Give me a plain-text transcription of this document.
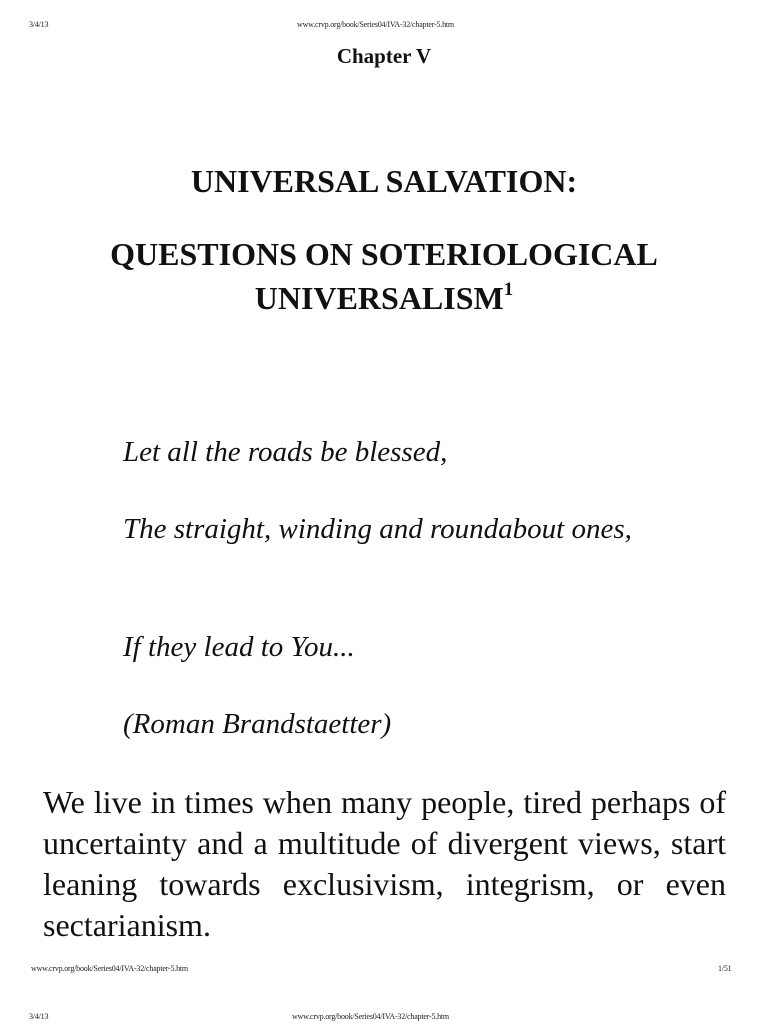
3/4/13	www.crvp.org/book/Series04/IVA-32/chapter-5.htm
Chapter V
UNIVERSAL SALVATION:
QUESTIONS ON SOTERIOLOGICAL
UNIVERSALISM$^1$
Let all the roads be blessed,
The straight, winding and roundabout ones,
If they lead to You...
(Roman Brandstaetter)
We live in times when many people, tired perhaps of uncertainty and a multitude of divergent views, start leaning towards exclusivism, integrism, or even sectarianism.
www.crvp.org/book/Series04/IVA-32/chapter-5.htm	1/51
3/4/13	www.crvp.org/book/Series04/IVA-32/chapter-5.htm
